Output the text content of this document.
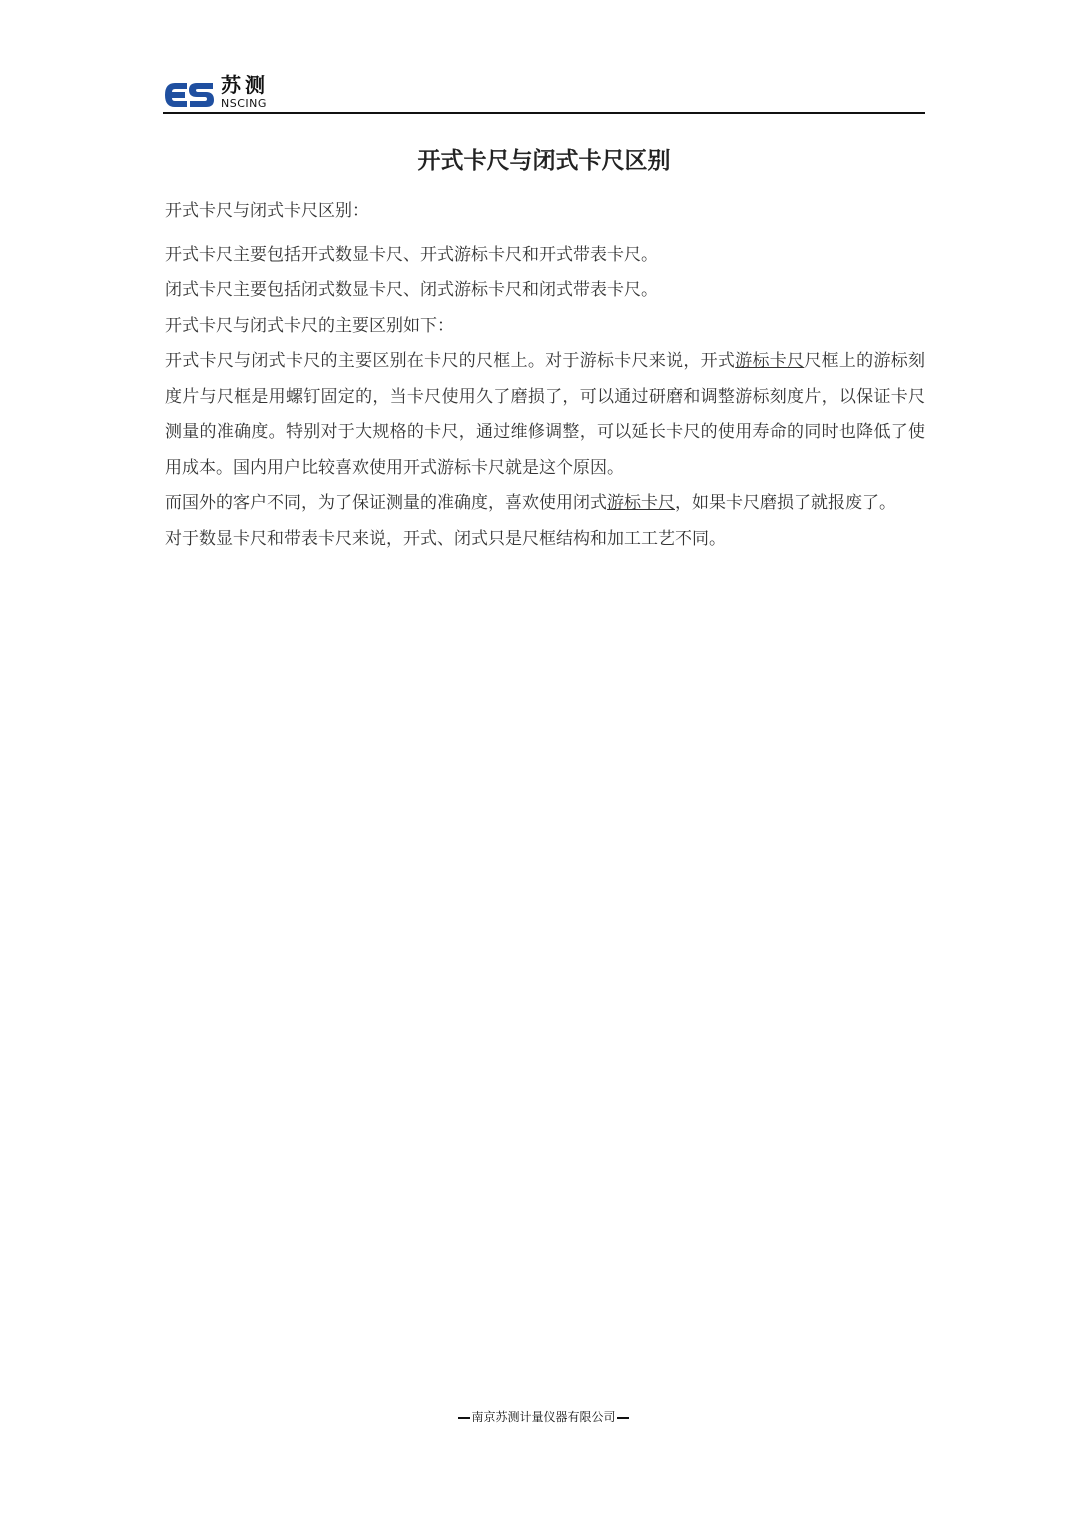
苏测
NSCING
开式卡尺与闭式卡尺区别

开式卡尺与闭式卡尺区别：

开式卡尺主要包括开式数显卡尺、开式游标卡尺和开式带表卡尺。

闭式卡尺主要包括闭式数显卡尺、闭式游标卡尺和闭式带表卡尺。

开式卡尺与闭式卡尺的主要区别如下：

开式卡尺与闭式卡尺的主要区别在卡尺的尺框上。对于游标卡尺来说，开式游标卡尺尺框上的游标刻度片与尺框是用螺钉固定的，当卡尺使用久了磨损了，可以通过研磨和调整游标刻度片，以保证卡尺测量的准确度。特别对于大规格的卡尺，通过维修调整，可以延长卡尺的使用寿命的同时也降低了使用成本。国内用户比较喜欢使用开式游标卡尺就是这个原因。

而国外的客户不同，为了保证测量的准确度，喜欢使用闭式游标卡尺，如果卡尺磨损了就报废了。

对于数显卡尺和带表卡尺来说，开式、闭式只是尺框结构和加工工艺不同。

南京苏测计量仪器有限公司
